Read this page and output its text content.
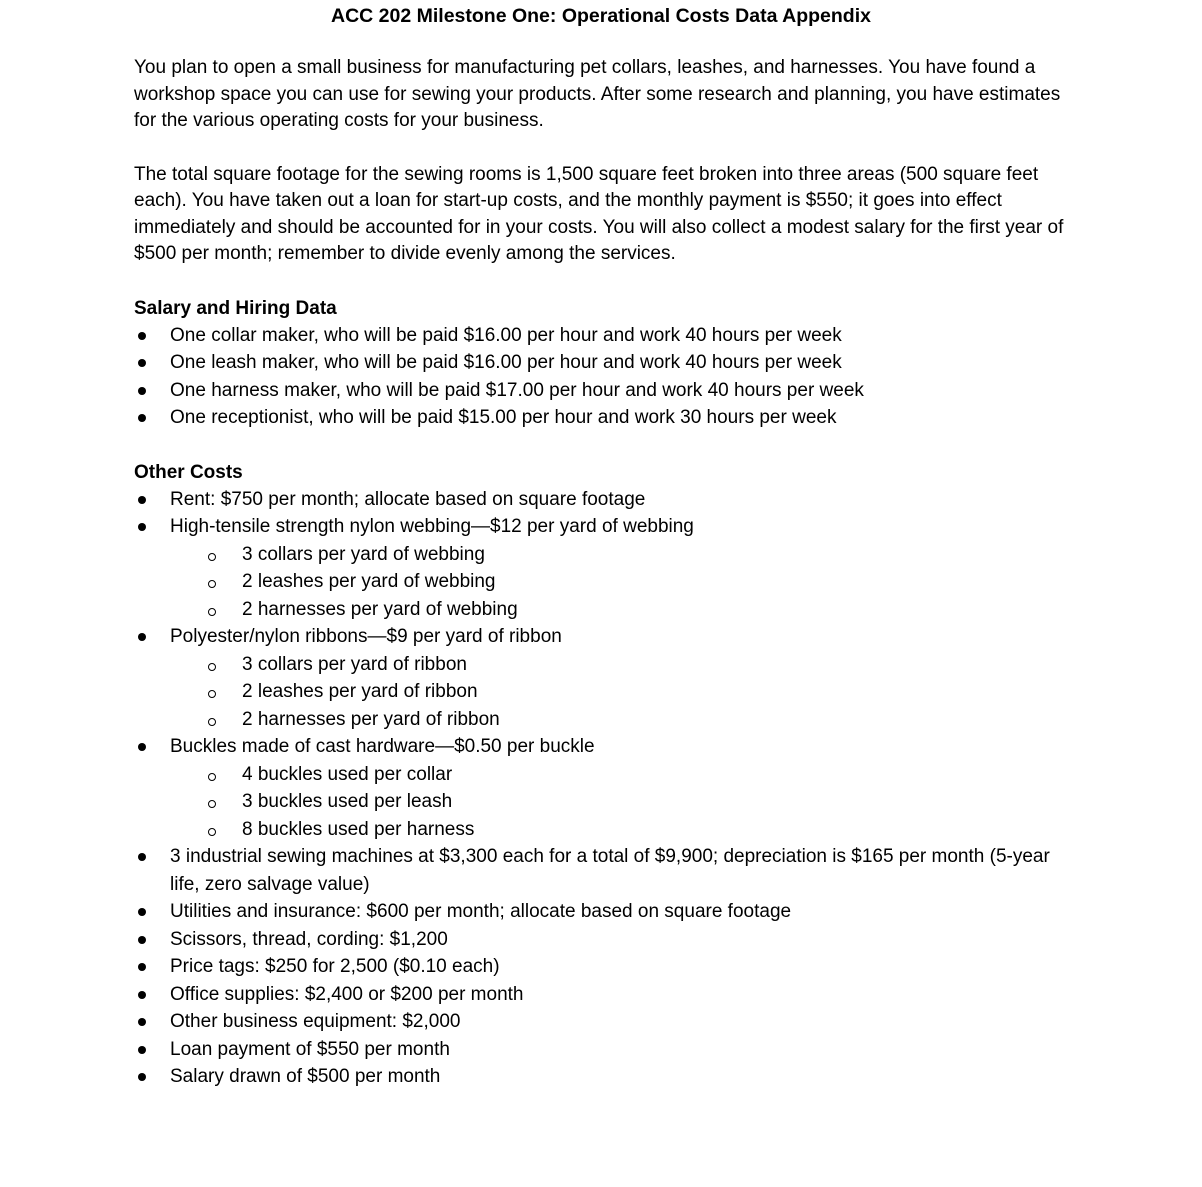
ACC 202 Milestone One: Operational Costs Data Appendix

You plan to open a small business for manufacturing pet collars, leashes, and harnesses. You have found a workshop space you can use for sewing your products. After some research and planning, you have estimates for the various operating costs for your business.

The total square footage for the sewing rooms is 1,500 square feet broken into three areas (500 square feet each). You have taken out a loan for start-up costs, and the monthly payment is $550; it goes into effect immediately and should be accounted for in your costs. You will also collect a modest salary for the first year of $500 per month; remember to divide evenly among the services.

Salary and Hiring Data
One collar maker, who will be paid $16.00 per hour and work 40 hours per week
One leash maker, who will be paid $16.00 per hour and work 40 hours per week
One harness maker, who will be paid $17.00 per hour and work 40 hours per week
One receptionist, who will be paid $15.00 per hour and work 30 hours per week
Other Costs
Rent: $750 per month; allocate based on square footage
High-tensile strength nylon webbing—$12 per yard of webbing
3 collars per yard of webbing
2 leashes per yard of webbing
2 harnesses per yard of webbing
Polyester/nylon ribbons—$9 per yard of ribbon
3 collars per yard of ribbon
2 leashes per yard of ribbon
2 harnesses per yard of ribbon
Buckles made of cast hardware—$0.50 per buckle
4 buckles used per collar
3 buckles used per leash
8 buckles used per harness
3 industrial sewing machines at $3,300 each for a total of $9,900; depreciation is $165 per month (5-year life, zero salvage value)
Utilities and insurance: $600 per month; allocate based on square footage
Scissors, thread, cording: $1,200
Price tags: $250 for 2,500 ($0.10 each)
Office supplies: $2,400 or $200 per month
Other business equipment: $2,000
Loan payment of $550 per month
Salary drawn of $500 per month
